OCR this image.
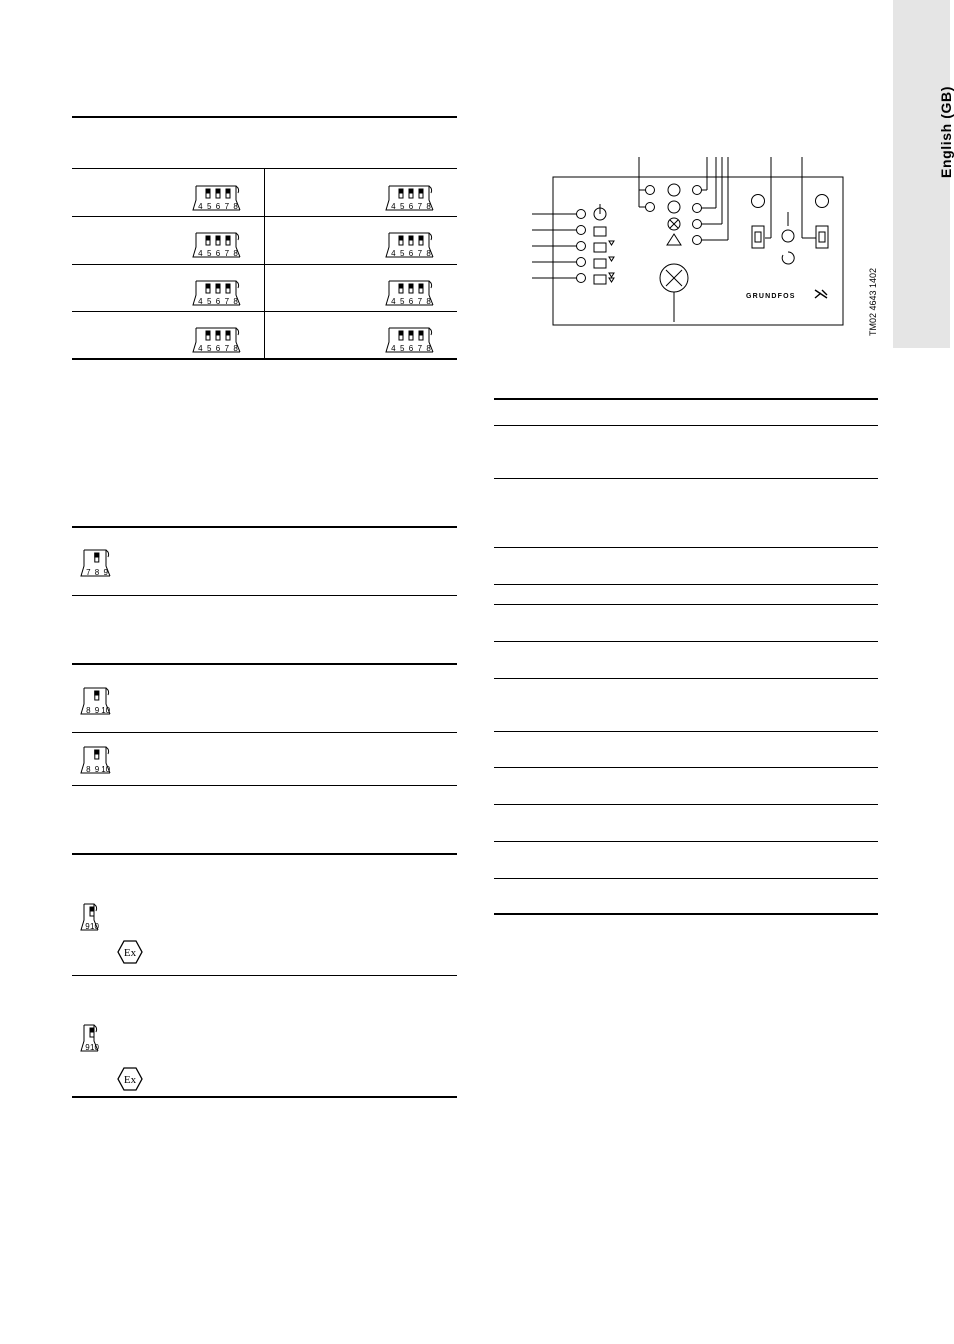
English (GB)
4 5 6 7 8	4 5 6 7 8
4 5 6 7 8	4 5 6 7 8
4 5 6 7 8	4 5 6 7 8
4 5 6 7 8	4 5 6 7 8
7 8 9
8 9 10
8 9 10
9 10
9 10
Ex
Ex
GRUNDFOS	TM02 4643 1402
